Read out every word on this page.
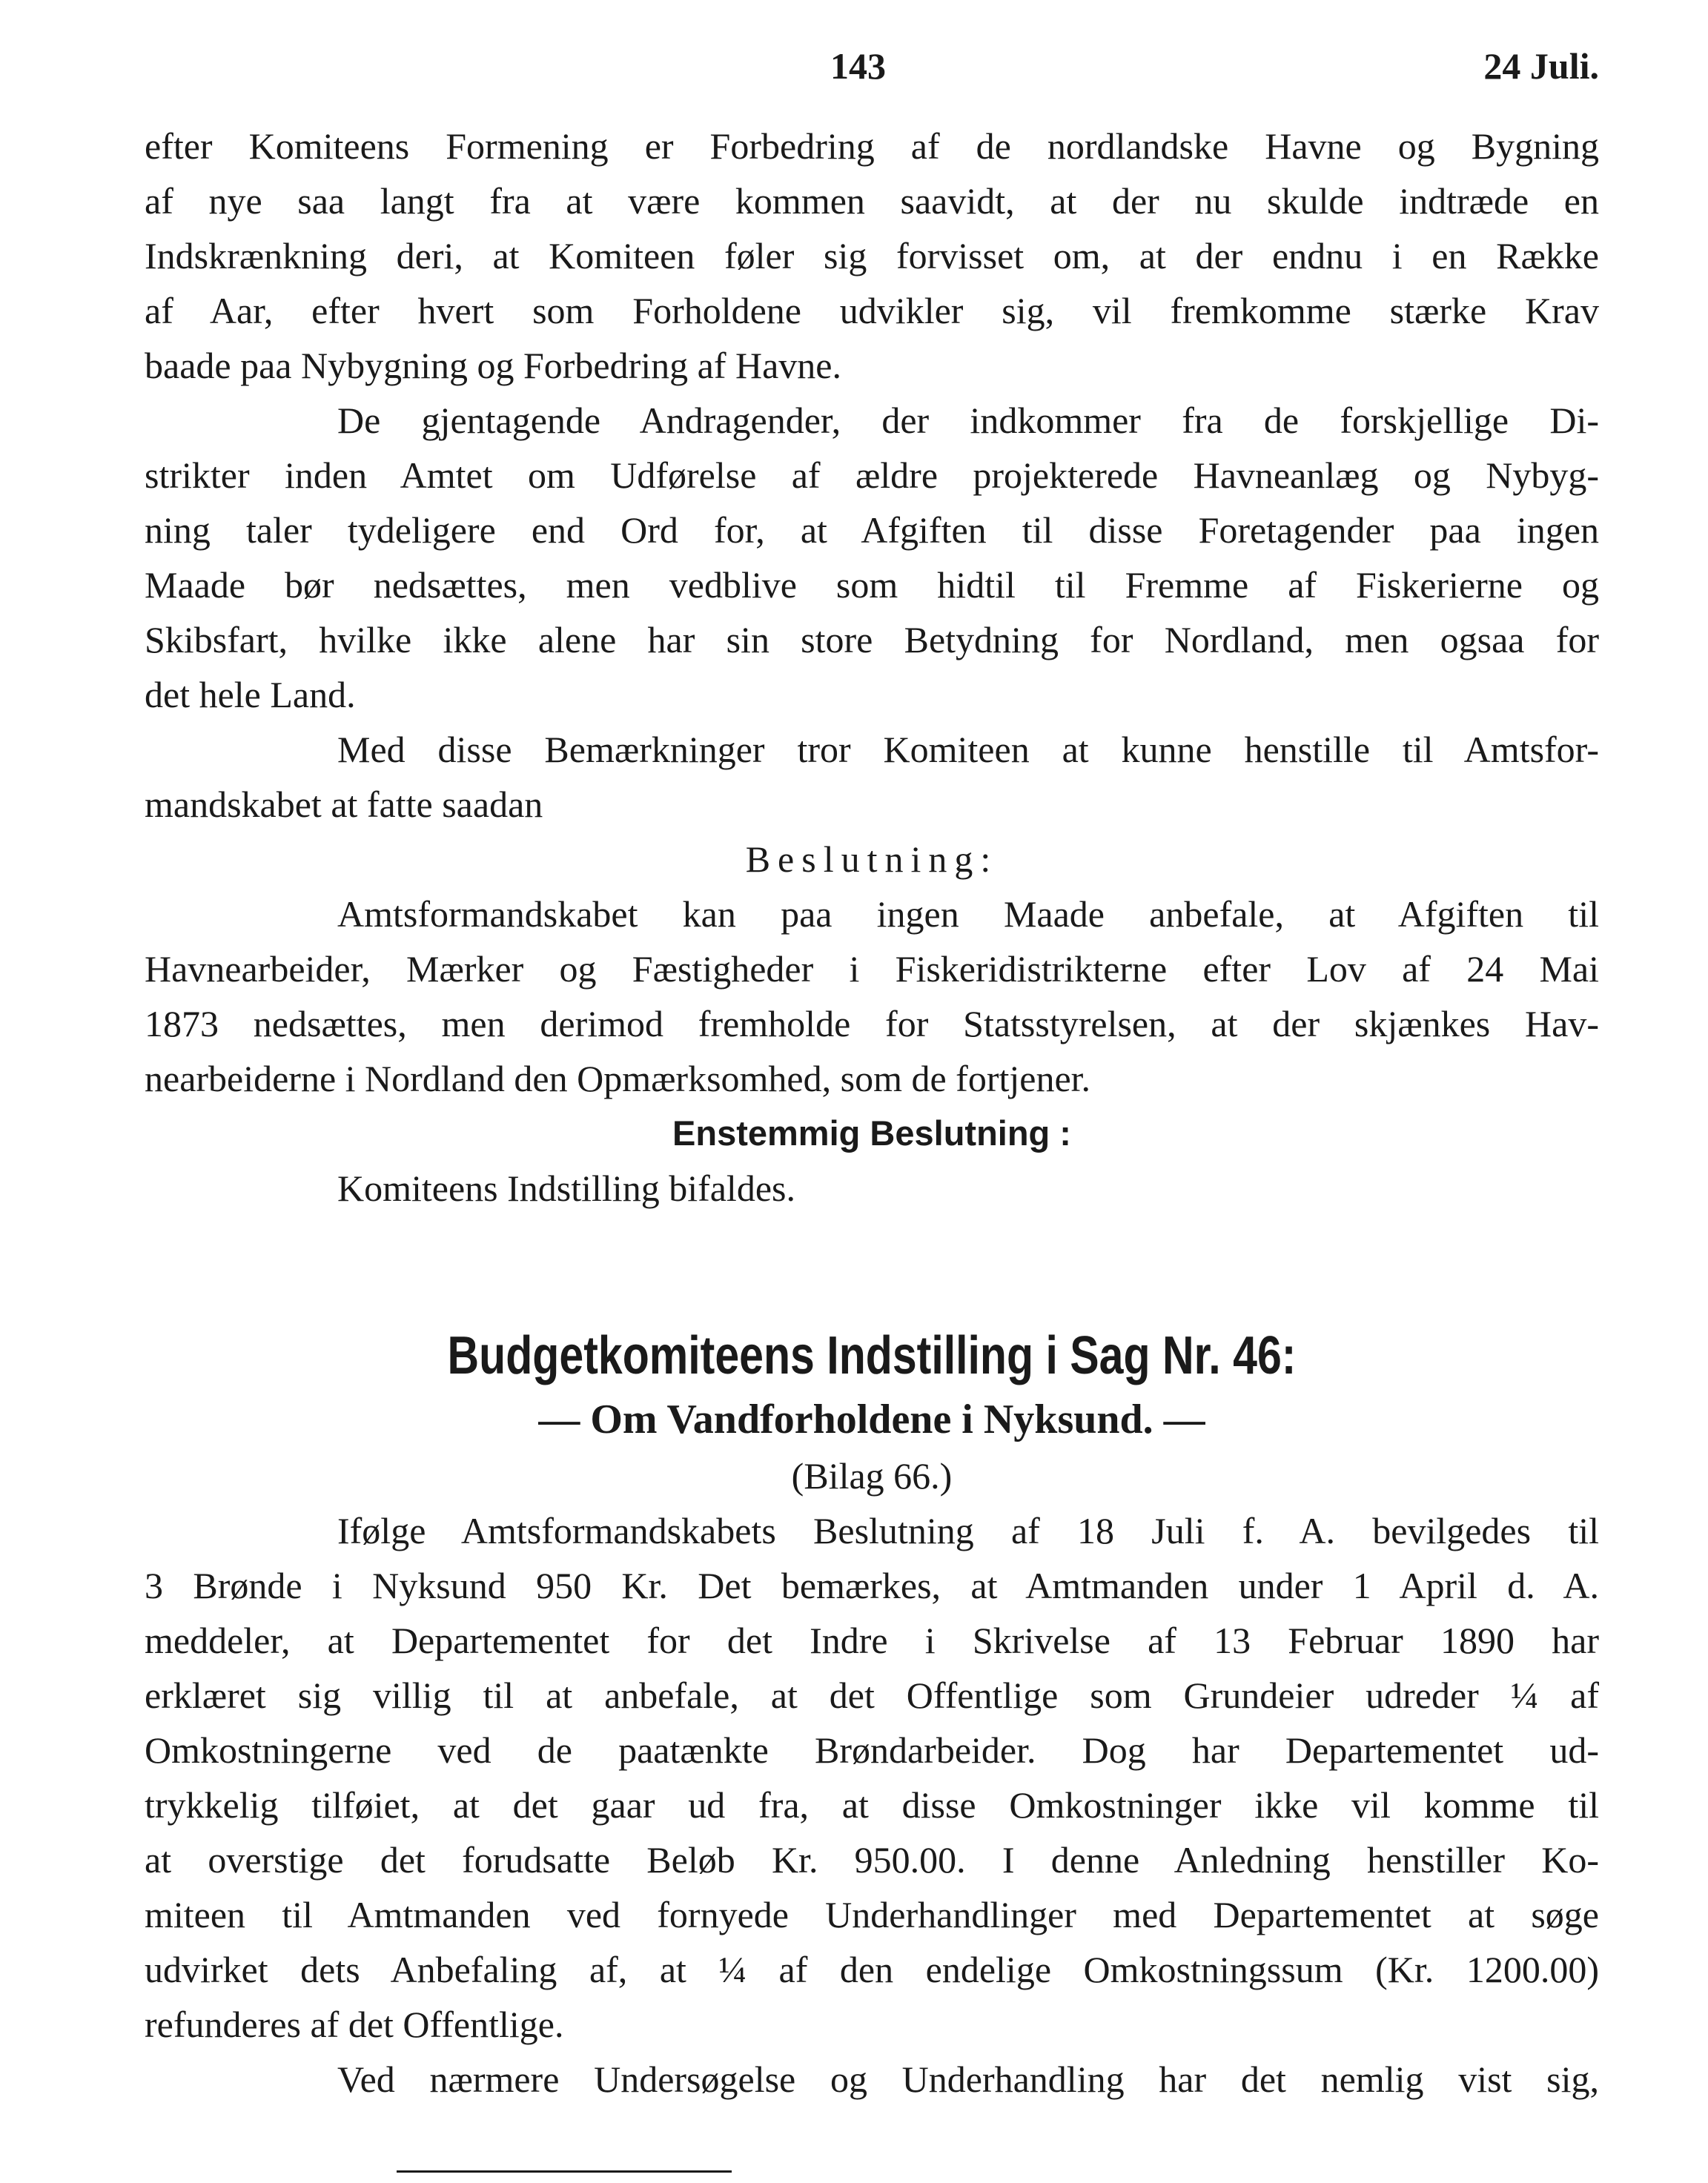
143	24 Juli.
efter Komiteens Formening er Forbedring af de nordlandske Havne og Bygning
af nye saa langt fra at være kommen saavidt, at der nu skulde indtræde en
Indskrænkning deri, at Komiteen føler sig forvisset om, at der endnu i en Række
af Aar, efter hvert som Forholdene udvikler sig, vil fremkomme stærke Krav
baade paa Nybygning og Forbedring af Havne.
De gjentagende Andragender, der indkommer fra de forskjellige Di-
strikter inden Amtet om Udførelse af ældre projekterede Havneanlæg og Nybyg-
ning taler tydeligere end Ord for, at Afgiften til disse Foretagender paa ingen
Maade bør nedsættes, men vedblive som hidtil til Fremme af Fiskerierne og
Skibsfart, hvilke ikke alene har sin store Betydning for Nordland, men ogsaa for
det hele Land.
Med disse Bemærkninger tror Komiteen at kunne henstille til Amtsfor-
mandskabet at fatte saadan
Beslutning:
Amtsformandskabet kan paa ingen Maade anbefale, at Afgiften til
Havnearbeider, Mærker og Fæstigheder i Fiskeridistrikterne efter Lov af 24 Mai
1873 nedsættes, men derimod fremholde for Statsstyrelsen, at der skjænkes Hav-
nearbeiderne i Nordland den Opmærksomhed, som de fortjener.
Enstemmig Beslutning :
Komiteens Indstilling bifaldes.
Budgetkomiteens Indstilling i Sag Nr. 46:
— Om Vandforholdene i Nyksund. —
(Bilag 66.)
Ifølge Amtsformandskabets Beslutning af 18 Juli f. A. bevilgedes til
3 Brønde i Nyksund 950 Kr. Det bemærkes, at Amtmanden under 1 April d. A.
meddeler, at Departementet for det Indre i Skrivelse af 13 Februar 1890 har
erklæret sig villig til at anbefale, at det Offentlige som Grundeier udreder ¼ af
Omkostningerne ved de paatænkte Brøndarbeider. Dog har Departementet ud-
trykkelig tilføiet, at det gaar ud fra, at disse Omkostninger ikke vil komme til
at overstige det forudsatte Beløb Kr. 950.00. I denne Anledning henstiller Ko-
miteen til Amtmanden ved fornyede Underhandlinger med Departementet at søge
udvirket dets Anbefaling af, at ¼ af den endelige Omkostningssum (Kr. 1200.00)
refunderes af det Offentlige.
Ved nærmere Undersøgelse og Underhandling har det nemlig vist sig,
